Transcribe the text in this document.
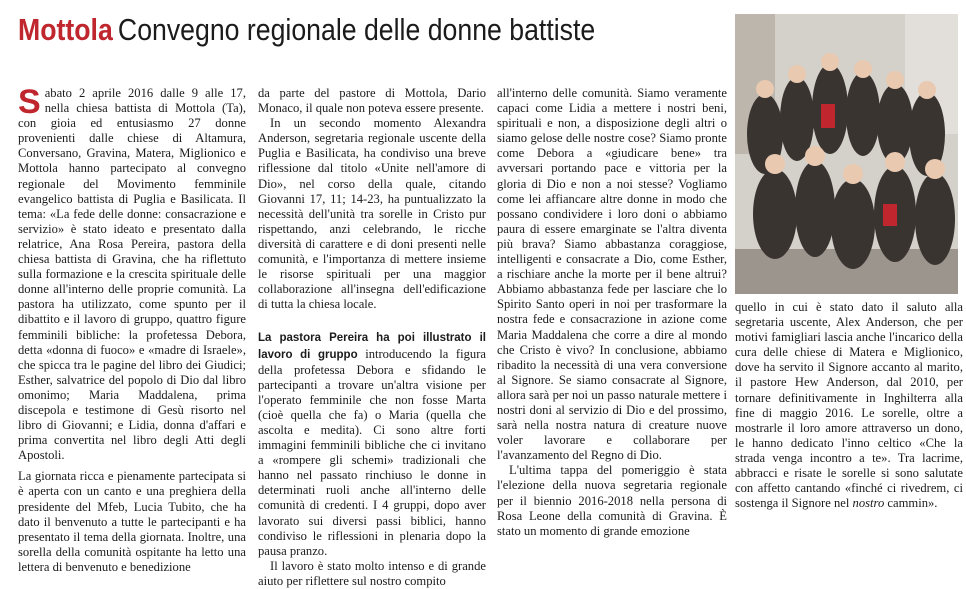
Mottola Convegno regionale delle donne battiste

Sabato 2 aprile 2016 dalle 9 alle 17, nella chiesa battista di Mottola (Ta), con gioia ed entusiasmo 27 donne provenienti dalle chiese di Altamura, Conversano, Gravina, Matera, Miglionico e Mottola hanno partecipato al convegno regionale del Movimento femminile evangelico battista di Puglia e Basilicata. Il tema: «La fede delle donne: consacrazione e servizio» è stato ideato e presentato dalla relatrice, Ana Rosa Pereira, pastora della chiesa battista di Gravina, che ha riflettuto sulla formazione e la crescita spirituale delle donne all'interno delle proprie comunità. La pastora ha utilizzato, come spunto per il dibattito e il lavoro di gruppo, quattro figure femminili bibliche: la profetessa Debora, detta «donna di fuoco» e «madre di Israele», che spicca tra le pagine del libro dei Giudici; Esther, salvatrice del popolo di Dio dal libro omonimo; Maria Maddalena, prima discepola e testimone di Gesù risorto nel libro di Giovanni; e Lidia, donna d'affari e prima convertita nel libro degli Atti degli Apostoli.

La giornata ricca e pienamente partecipata si è aperta con un canto e una preghiera della presidente del Mfeb, Lucia Tubito, che ha dato il benvenuto a tutte le partecipanti e ha presentato il tema della giornata. Inoltre, una sorella della comunità ospitante ha letto una lettera di benvenuto e benedizione

da parte del pastore di Mottola, Dario Monaco, il quale non poteva essere presente.

In un secondo momento Alexandra Anderson, segretaria regionale uscente della Puglia e Basilicata, ha condiviso una breve riflessione dal titolo «Unite nell'amore di Dio», nel corso della quale, citando Giovanni 17, 11; 14-23, ha puntualizzato la necessità dell'unità tra sorelle in Cristo pur rispettando, anzi celebrando, le ricche diversità di carattere e di doni presenti nelle comunità, e l'importanza di mettere insieme le risorse spirituali per una maggior collaborazione all'insegna dell'edificazione di tutta la chiesa locale.

La pastora Pereira ha poi illustrato il lavoro di gruppo introducendo la figura della profetessa Debora e sfidando le partecipanti a trovare un'altra visione per l'operato femminile che non fosse Marta (cioè quella che fa) o Maria (quella che ascolta e medita). Ci sono altre forti immagini femminili bibliche che ci invitano a «rompere gli schemi» tradizionali che hanno nel passato rinchiuso le donne in determinati ruoli anche all'interno delle comunità di credenti. I 4 gruppi, dopo aver lavorato sui diversi passi biblici, hanno condiviso le riflessioni in plenaria dopo la pausa pranzo.

Il lavoro è stato molto intenso e di grande aiuto per riflettere sul nostro compito

all'interno delle comunità. Siamo veramente capaci come Lidia a mettere i nostri beni, spirituali e non, a disposizione degli altri o siamo gelose delle nostre cose? Siamo pronte come Debora a «giudicare bene» tra avversari portando pace e vittoria per la gloria di Dio e non a noi stesse? Vogliamo come lei affiancare altre donne in modo che possano condividere i loro doni o abbiamo paura di essere emarginate se l'altra diventa più brava? Siamo abbastanza coraggiose, intelligenti e consacrate a Dio, come Esther, a rischiare anche la morte per il bene altrui? Abbiamo abbastanza fede per lasciare che lo Spirito Santo operi in noi per trasformare la nostra fede e consacrazione in azione come Maria Maddalena che corre a dire al mondo che Cristo è vivo? In conclusione, abbiamo ribadito la necessità di una vera conversione al Signore. Se siamo consacrate al Signore, allora sarà per noi un passo naturale mettere i nostri doni al servizio di Dio e del prossimo, sarà nella nostra natura di creature nuove voler lavorare e collaborare per l'avanzamento del Regno di Dio.

L'ultima tappa del pomeriggio è stata l'elezione della nuova segretaria regionale per il biennio 2016-2018 nella persona di Rosa Leone della comunità di Gravina. È stato un momento di grande emozione

quello in cui è stato dato il saluto alla segretaria uscente, Alex Anderson, che per motivi famigliari lascia anche l'incarico della cura delle chiese di Matera e Miglionico, dove ha servito il Signore accanto al marito, il pastore Hew Anderson, dal 2010, per tornare definitivamente in Inghilterra alla fine di maggio 2016. Le sorelle, oltre a mostrarle il loro amore attraverso un dono, le hanno dedicato l'inno celtico «Che la strada venga incontro a te». Tra lacrime, abbracci e risate le sorelle si sono salutate con affetto cantando «finché ci rivedrem, ci sostenga il Signore nel nostro cammin».
